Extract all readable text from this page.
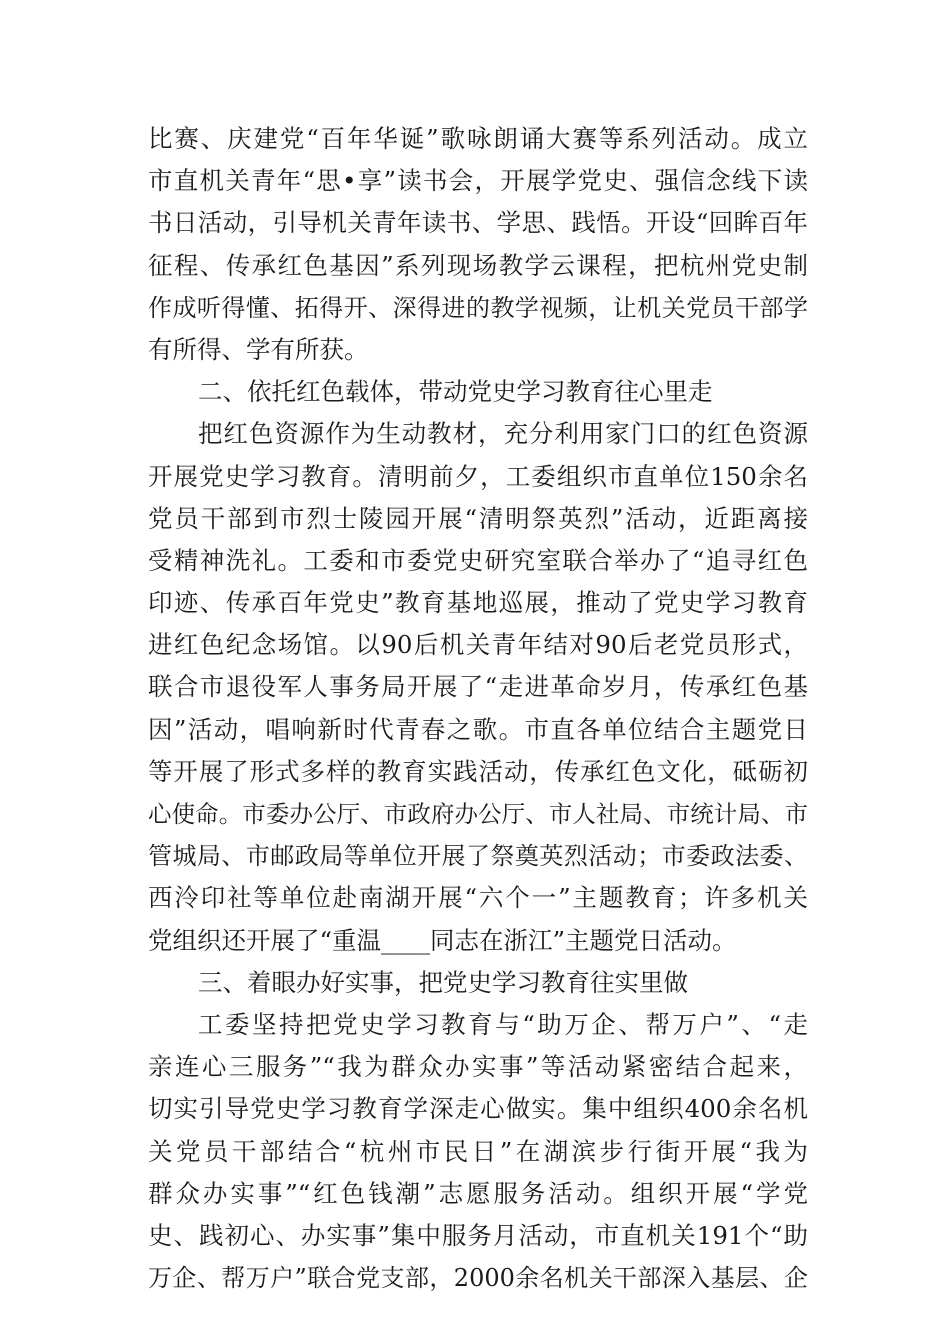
比赛、庆建党“百年华诞”歌咏朗诵大赛等系列活动。成立
市直机关青年“思•享”读书会，开展学党史、强信念线下读
书日活动，引导机关青年读书、学思、践悟。开设“回眸百年
征程、传承红色基因”系列现场教学云课程，把杭州党史制
作成听得懂、拓得开、深得进的教学视频，让机关党员干部学
有所得、学有所获。
二、依托红色载体，带动党史学习教育往心里走
把红色资源作为生动教材，充分利用家门口的红色资源
开展党史学习教育。清明前夕，工委组织市直单位150余名
党员干部到市烈士陵园开展“清明祭英烈”活动，近距离接
受精神洗礼。工委和市委党史研究室联合举办了“追寻红色
印迹、传承百年党史”教育基地巡展，推动了党史学习教育
进红色纪念场馆。以90后机关青年结对90后老党员形式，
联合市退役军人事务局开展了“走进革命岁月，传承红色基
因”活动，唱响新时代青春之歌。市直各单位结合主题党日
等开展了形式多样的教育实践活动，传承红色文化，砥砺初
心使命。市委办公厅、市政府办公厅、市人社局、市统计局、市
管城局、市邮政局等单位开展了祭奠英烈活动；市委政法委、
西泠印社等单位赴南湖开展“六个一”主题教育；许多机关
党组织还开展了“重温____同志在浙江”主题党日活动。
三、着眼办好实事，把党史学习教育往实里做
工委坚持把党史学习教育与“助万企、帮万户”、“走
亲连心三服务”“我为群众办实事”等活动紧密结合起来，
切实引导党史学习教育学深走心做实。集中组织400余名机
关党员干部结合“杭州市民日”在湖滨步行街开展“我为
群众办实事”“红色钱潮”志愿服务活动。组织开展“学党
史、践初心、办实事”集中服务月活动，市直机关191个“助
万企、帮万户”联合党支部，2000余名机关干部深入基层、企
